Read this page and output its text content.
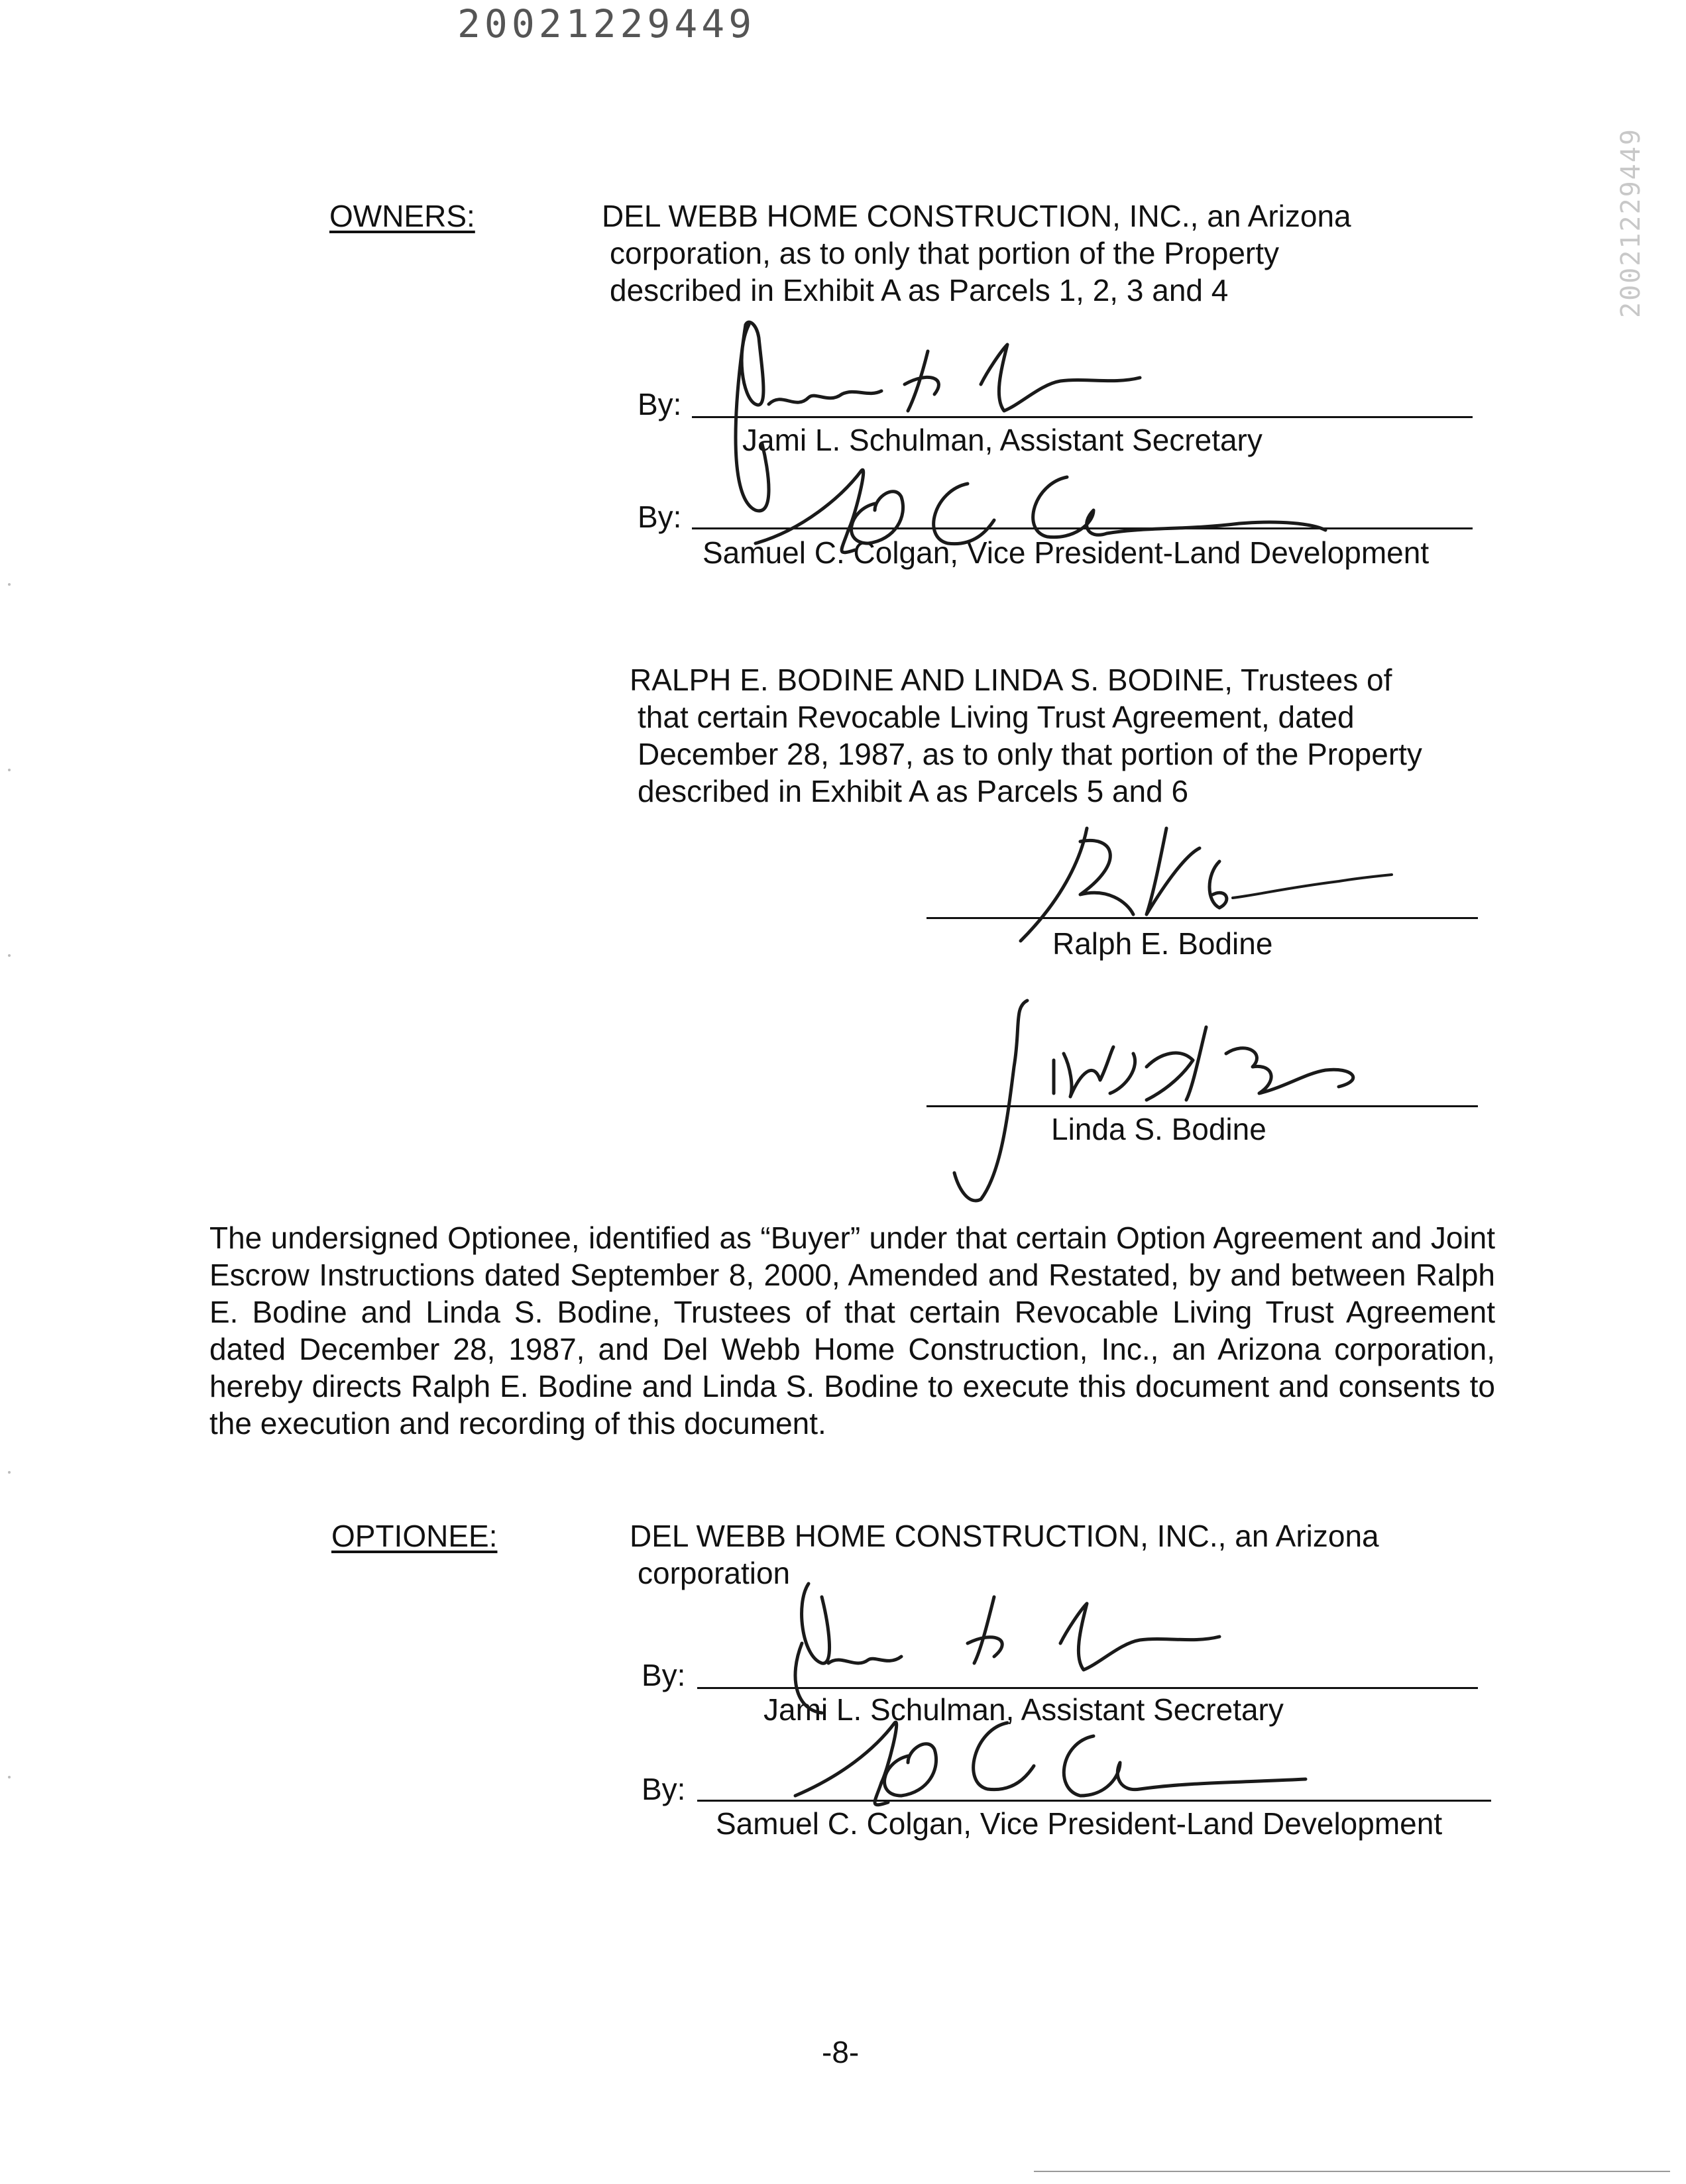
20021229449
20021229449
OWNERS:	DEL WEBB HOME CONSTRUCTION, INC., an Arizona
corporation, as to only that portion of the Property
described in Exhibit A as Parcels 1, 2, 3 and 4
By:
Jami L. Schulman, Assistant Secretary
By:
Samuel C. Colgan, Vice President-Land Development
RALPH E. BODINE AND LINDA S. BODINE, Trustees of
that certain Revocable Living Trust Agreement, dated
December 28, 1987, as to only that portion of the Property
described in Exhibit A as Parcels 5 and 6
Ralph E. Bodine
Linda S. Bodine
The undersigned Optionee, identified as “Buyer” under that certain Option Agreement and Joint Escrow Instructions dated September 8, 2000, Amended and Restated, by and between Ralph E. Bodine and Linda S. Bodine, Trustees of that certain Revocable Living Trust Agreement dated December 28, 1987, and Del Webb Home Construction, Inc., an Arizona corporation, hereby directs Ralph E. Bodine and Linda S. Bodine to execute this document and consents to the execution and recording of this document.
OPTIONEE:	DEL WEBB HOME CONSTRUCTION, INC., an Arizona
corporation
By:
Jami L. Schulman, Assistant Secretary
By:
Samuel C. Colgan, Vice President-Land Development
-8-
